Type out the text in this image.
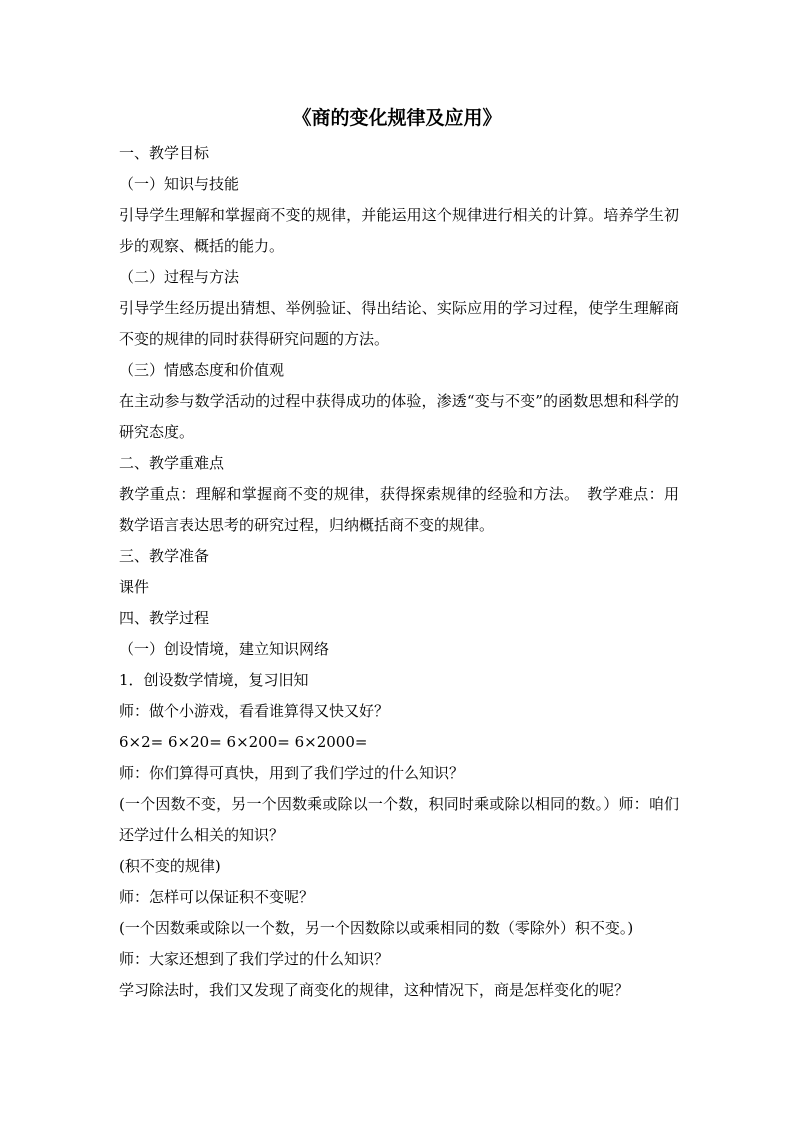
《商的变化规律及应用》

一、教学目标

（一）知识与技能

引导学生理解和掌握商不变的规律，并能运用这个规律进行相关的计算。培养学生初步的观察、概括的能力。

（二）过程与方法

引导学生经历提出猜想、举例验证、得出结论、实际应用的学习过程，使学生理解商不变的规律的同时获得研究问题的方法。

（三）情感态度和价值观

在主动参与数学活动的过程中获得成功的体验，渗透“变与不变”的函数思想和科学的研究态度。

二、教学重难点

教学重点：理解和掌握商不变的规律，获得探索规律的经验和方法。　教学难点：用数学语言表达思考的研究过程，归纳概括商不变的规律。

三、教学准备

课件

四、教学过程

（一）创设情境，建立知识网络

1．创设数学情境，复习旧知

师：做个小游戏，看看谁算得又快又好？

6×2= 6×20= 6×200= 6×2000=

师：你们算得可真快，用到了我们学过的什么知识？

(一个因数不变，另一个因数乘或除以一个数，积同时乘或除以相同的数。）师：咱们还学过什么相关的知识？

(积不变的规律)

师：怎样可以保证积不变呢？

(一个因数乘或除以一个数，另一个因数除以或乘相同的数（零除外）积不变。)

师：大家还想到了我们学过的什么知识？

学习除法时，我们又发现了商变化的规律，这种情况下，商是怎样变化的呢？
